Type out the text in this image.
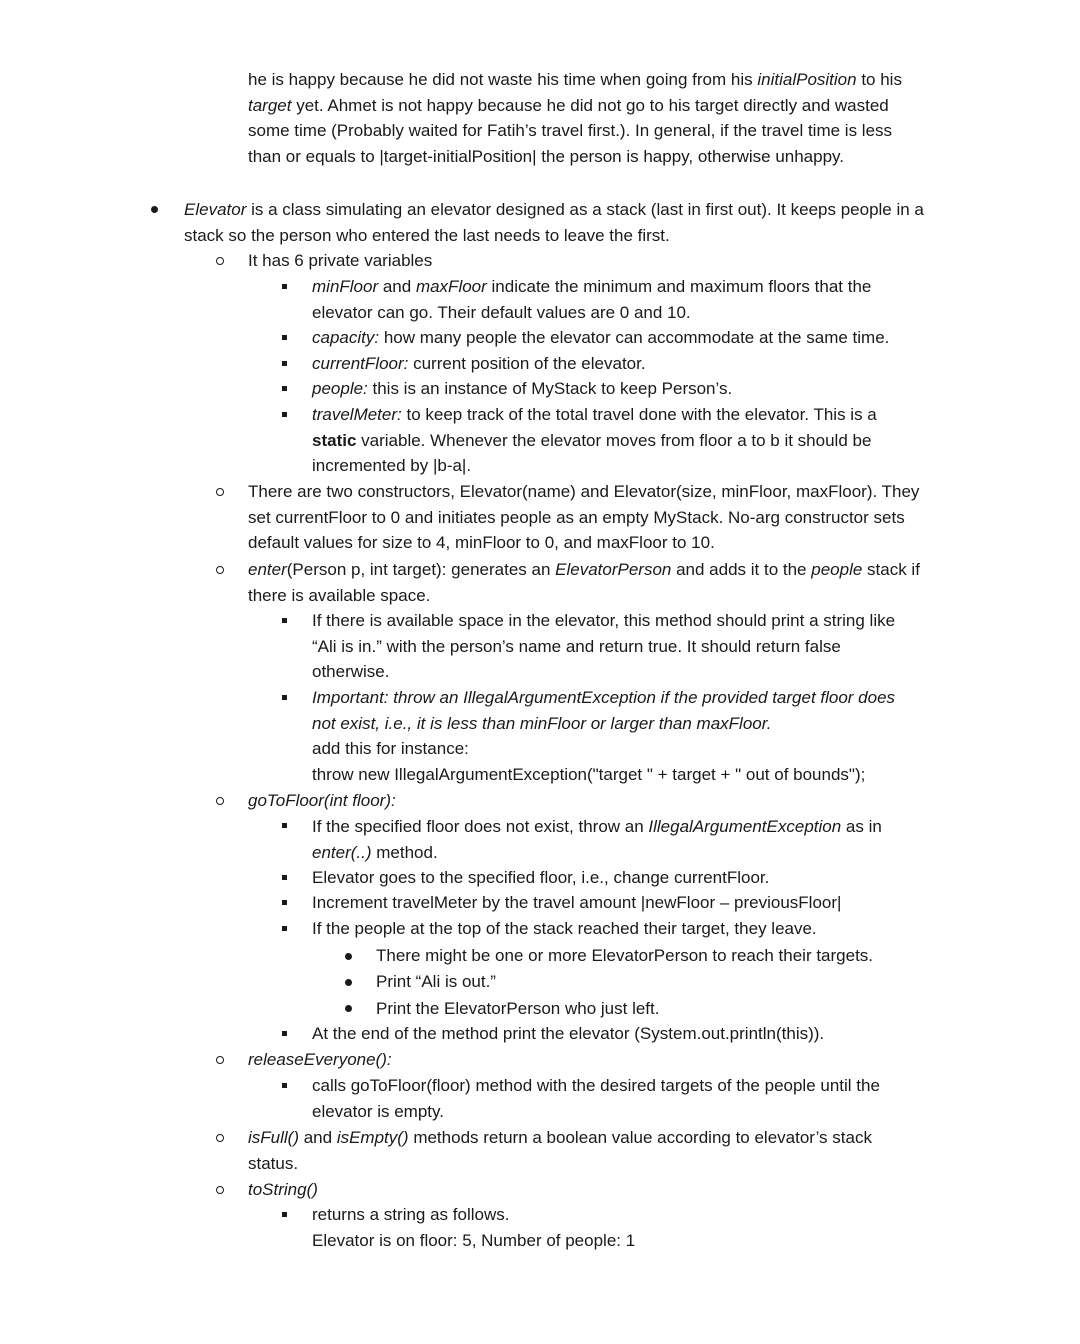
he is happy because he did not waste his time when going from his initialPosition to his
target yet. Ahmet is not happy because he did not go to his target directly and wasted
some time (Probably waited for Fatih’s travel first.). In general, if the travel time is less
than or equals to |target-initialPosition| the person is happy, otherwise unhappy.
Elevator is a class simulating an elevator designed as a stack (last in first out). It keeps people in a
stack so the person who entered the last needs to leave the first.
It has 6 private variables
minFloor and maxFloor indicate the minimum and maximum floors that the
elevator can go. Their default values are 0 and 10.
capacity: how many people the elevator can accommodate at the same time.
currentFloor: current position of the elevator.
people: this is an instance of MyStack to keep Person’s.
travelMeter: to keep track of the total travel done with the elevator. This is a
static variable. Whenever the elevator moves from floor a to b it should be
incremented by |b-a|.
There are two constructors, Elevator(name) and Elevator(size, minFloor, maxFloor). They
set currentFloor to 0 and initiates people as an empty MyStack. No-arg constructor sets
default values for size to 4, minFloor to 0, and maxFloor to 10.
enter(Person p, int target): generates an ElevatorPerson and adds it to the people stack if
there is available space.
If there is available space in the elevator, this method should print a string like
“Ali is in.” with the person’s name and return true. It should return false
otherwise.
Important: throw an IllegalArgumentException if the provided target floor does
not exist, i.e., it is less than minFloor or larger than maxFloor.
add this for instance:
throw new IllegalArgumentException("target " + target + " out of bounds");
goToFloor(int floor):
If the specified floor does not exist, throw an IllegalArgumentException as in
enter(..) method.
Elevator goes to the specified floor, i.e., change currentFloor.
Increment travelMeter by the travel amount |newFloor – previousFloor|
If the people at the top of the stack reached their target, they leave.
There might be one or more ElevatorPerson to reach their targets.
Print “Ali is out.”
Print the ElevatorPerson who just left.
At the end of the method print the elevator (System.out.println(this)).
releaseEveryone():
calls goToFloor(floor) method with the desired targets of the people until the
elevator is empty.
isFull() and isEmpty() methods return a boolean value according to elevator’s stack
status.
toString()
returns a string as follows.
Elevator is on floor: 5, Number of people: 1
